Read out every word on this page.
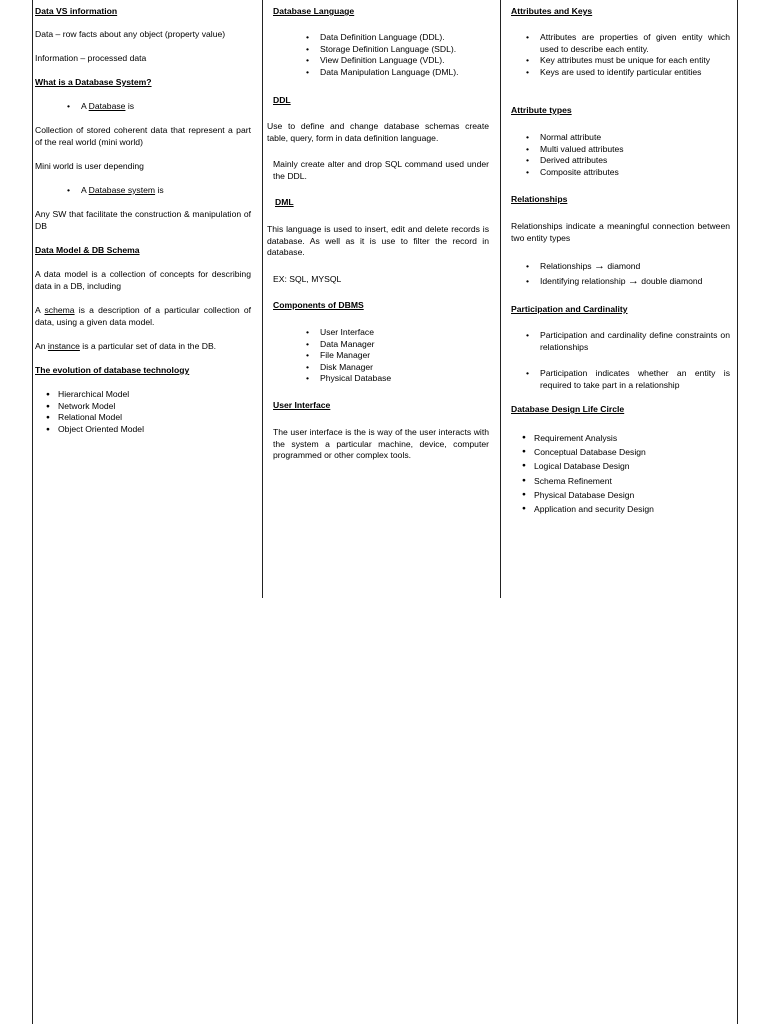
Data VS information
Data – row facts about any object (property value)
Information – processed data
What is a Database System?
• A Database is
Collection of stored coherent data that represent a part of the real world (mini world)
Mini world is user depending
• A Database system is
Any SW that facilitate the construction & manipulation of DB
Data Model & DB Schema
A data model is a collection of concepts for describing data in a DB, including
A schema is a description of a particular collection of data, using a given data model.
An instance is a particular set of data in the DB.
The evolution of database technology
● Hierarchical Model
● Network Model
● Relational Model
● Object Oriented Model
Database Language
• Data Definition Language (DDL).
• Storage Definition Language (SDL).
• View Definition Language (VDL).
• Data Manipulation Language (DML).
DDL
Use to define and change database schemas create table, query, form in data definition language.
Mainly create alter and drop SQL command used under the DDL.
DML
This language is used to insert, edit and delete records is database. As well as it is use to filter the record in database.
EX: SQL, MYSQL
Components of DBMS
• User Interface
• Data Manager
• File Manager
• Disk Manager
• Physical Database
User Interface
The user interface is the is way of the user interacts with the system a particular machine, device, computer programmed or other complex tools.
Attributes and Keys
• Attributes are properties of given entity which used to describe each entity.
• Key attributes must be unique for each entity
• Keys are used to identify particular entities
Attribute types
• Normal attribute
• Multi valued attributes
• Derived attributes
• Composite attributes
Relationships
Relationships indicate a meaningful connection between two entity types
• Relationships → diamond
• Identifying relationship → double diamond
Participation and Cardinality
• Participation and cardinality define constraints on relationships
• Participation indicates whether an entity is required to take part in a relationship
Database Design Life Circle
● Requirement Analysis
● Conceptual Database Design
● Logical Database Design
● Schema Refinement
● Physical Database Design
● Application and security Design
